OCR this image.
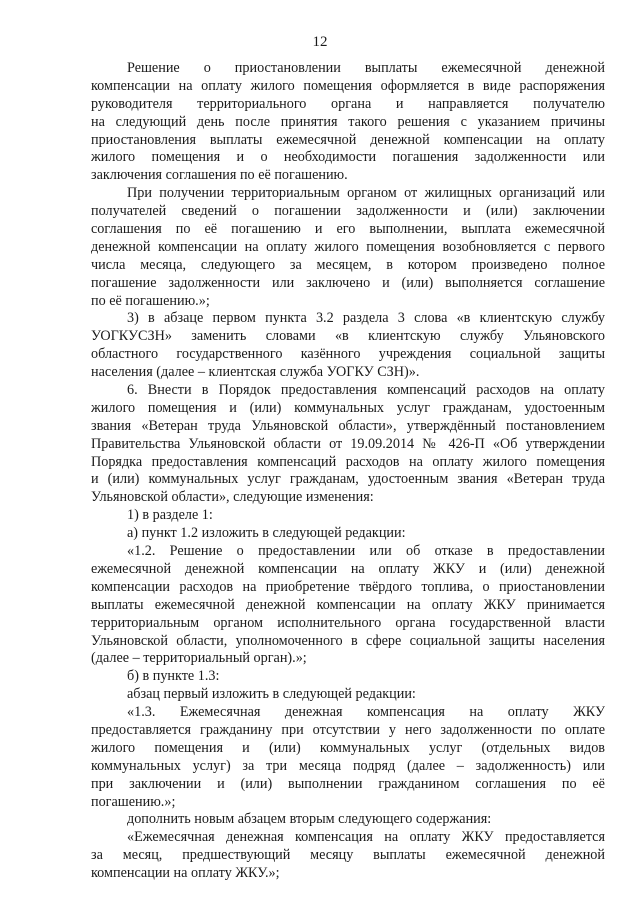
12
Решение о приостановлении выплаты ежемесячной денежной
компенсации на оплату жилого помещения оформляется в виде распоряжения
руководителя территориального органа и направляется получателю
на следующий день после принятия такого решения с указанием причины
приостановления выплаты ежемесячной денежной компенсации на оплату
жилого помещения и о необходимости погашения задолженности или
заключения соглашения по её погашению.
При получении территориальным органом от жилищных организаций или
получателей сведений о погашении задолженности и (или) заключении
соглашения по её погашению и его выполнении, выплата ежемесячной
денежной компенсации на оплату жилого помещения возобновляется с первого
числа месяца, следующего за месяцем, в котором произведено полное
погашение задолженности или заключено и (или) выполняется соглашение
по её погашению.»;
3) в абзаце первом пункта 3.2 раздела 3 слова «в клиентскую службу
УОГКУСЗН» заменить словами «в клиентскую службу Ульяновского
областного государственного казённого учреждения социальной защиты
населения (далее – клиентская служба УОГКУ СЗН)».
6. Внести в Порядок предоставления компенсаций расходов на оплату
жилого помещения и (или) коммунальных услуг гражданам, удостоенным
звания «Ветеран труда Ульяновской области», утверждённый постановлением
Правительства Ульяновской области от 19.09.2014 № 426-П «Об утверждении
Порядка предоставления компенсаций расходов на оплату жилого помещения
и (или) коммунальных услуг гражданам, удостоенным звания «Ветеран труда
Ульяновской области», следующие изменения:
1) в разделе 1:
а) пункт 1.2 изложить в следующей редакции:
«1.2. Решение о предоставлении или об отказе в предоставлении
ежемесячной денежной компенсации на оплату ЖКУ и (или) денежной
компенсации расходов на приобретение твёрдого топлива, о приостановлении
выплаты ежемесячной денежной компенсации на оплату ЖКУ принимается
территориальным органом исполнительного органа государственной власти
Ульяновской области, уполномоченного в сфере социальной защиты населения
(далее – территориальный орган).»;
б) в пункте 1.3:
абзац первый изложить в следующей редакции:
«1.3. Ежемесячная денежная компенсация на оплату ЖКУ
предоставляется гражданину при отсутствии у него задолженности по оплате
жилого помещения и (или) коммунальных услуг (отдельных видов
коммунальных услуг) за три месяца подряд (далее – задолженность) или
при заключении и (или) выполнении гражданином соглашения по её
погашению.»;
дополнить новым абзацем вторым следующего содержания:
«Ежемесячная денежная компенсация на оплату ЖКУ предоставляется
за месяц, предшествующий месяцу выплаты ежемесячной денежной
компенсации на оплату ЖКУ.»;
